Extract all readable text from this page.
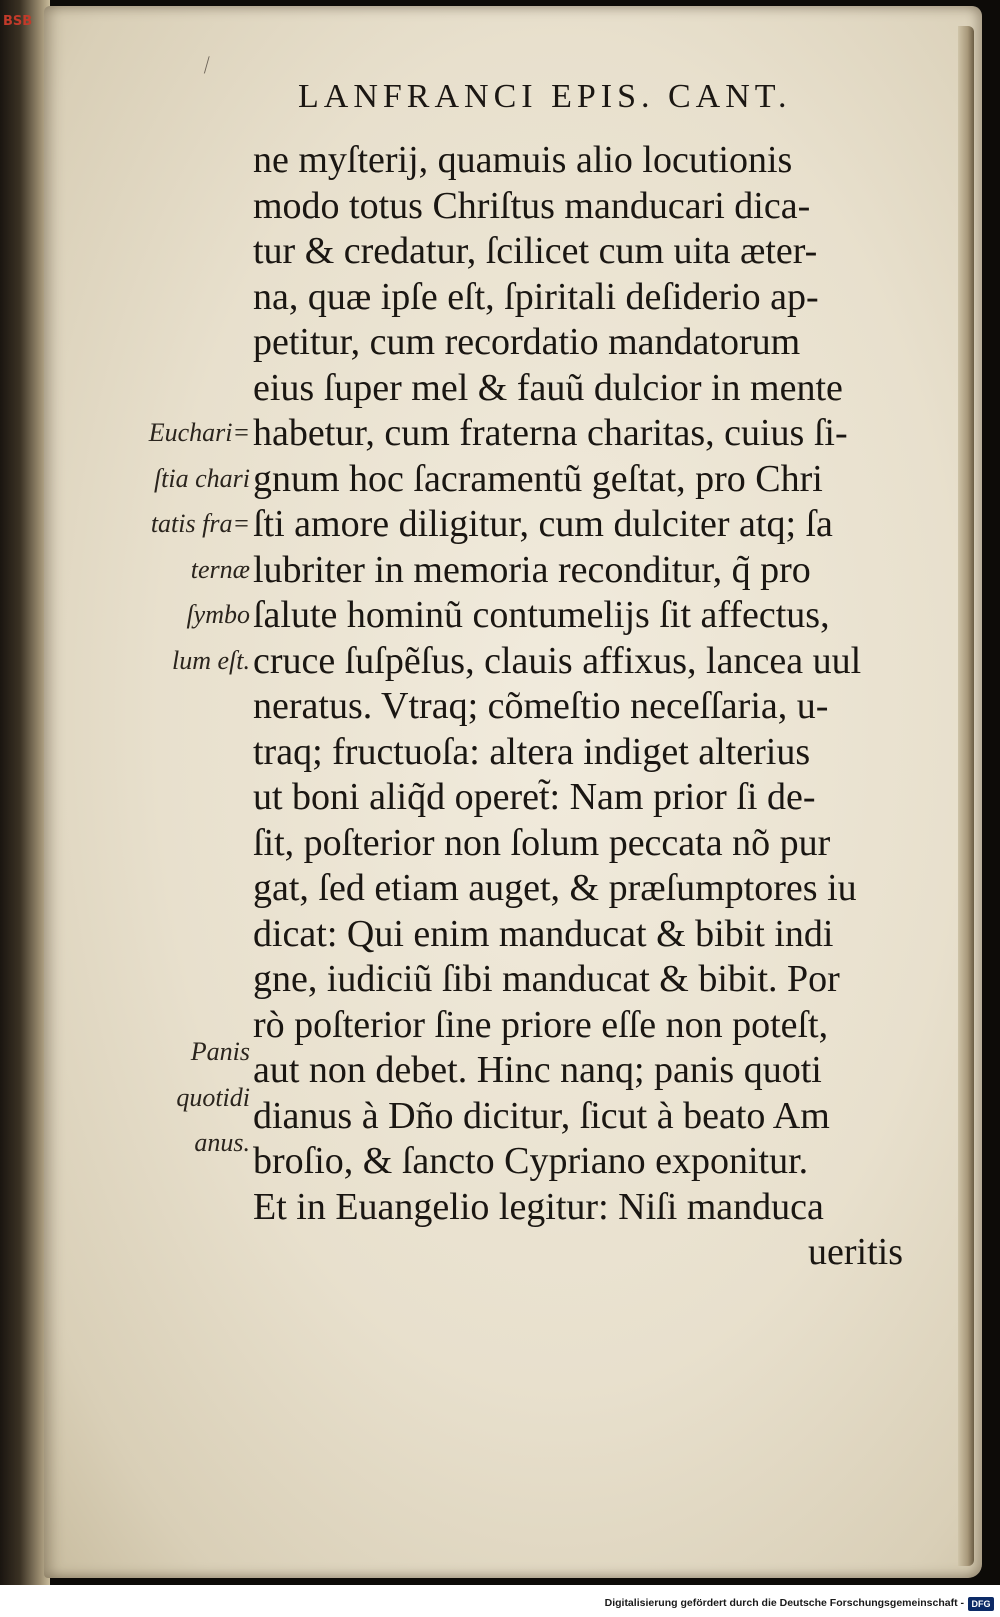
BSB
⁄
LANFRANCI EPIS. CANT.
ne myſterij, quamuis alio locutionis
modo totus Chriſtus manducari dica-
tur & credatur, ſcilicet cum uita æter-
na, quæ ipſe eſt, ſpiritali deſiderio ap-
petitur, cum recordatio mandatorum
eius ſuper mel & fauũ dulcior in mente
habetur, cum fraterna charitas, cuius ſi-
gnum hoc ſacramentũ geſtat, pro Chri
ſti amore diligitur, cum dulciter atq; ſa
lubriter in memoria reconditur, q̃ pro
ſalute hominũ contumelijs ſit affectus,
cruce ſuſpẽſus, clauis affixus, lancea uul
neratus. Vtraq; cõmeſtio neceſſaria, u-
traq; fructuoſa: altera indiget alterius
ut boni aliq̃d operet̃: Nam prior ſi de-
ſit, poſterior non ſolum peccata nõ pur
gat, ſed etiam auget, & præſumptores iu
dicat: Qui enim manducat & bibit indi
gne, iudiciũ ſibi manducat & bibit. Por
rò poſterior ſine priore eſſe non poteſt,
aut non debet. Hinc nanq; panis quoti
dianus à Dño dicitur, ſicut à beato Am
broſio, & ſancto Cypriano exponitur.
Et in Euangelio legitur: Niſi manduca
ueritis
Euchari=
ſtia chari
tatis fra=
ternæ
ſymbo
lum eſt.
Panis
quotidi
anus.
Digitalisierung gefördert durch die Deutsche Forschungsgemeinschaft - DFG
